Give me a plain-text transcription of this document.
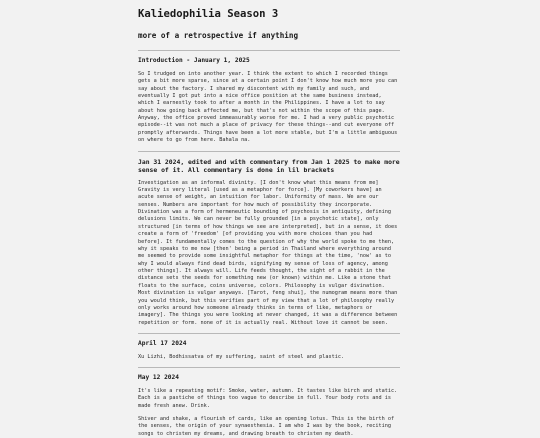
Kaliedophilia Season 3
more of a retrospective if anything
Introduction - January 1, 2025

So I trudged on into another year. I think the extent to which I recorded things gets a bit more sparse, since at a certain point I don't know how much more you can say about the factory. I shared my discontent with my family and such, and eventually I got put into a nice office position at the same business instead, which I earnestly took to after a month in the Philippines. I have a lot to say about how going back affected me, but that's not within the scope of this page. Anyway, the office proved immeasurably worse for me. I had a very public psychotic episode--it was not much a place of privacy for these things--and cut everyone off promptly afterwards. Things have been a lot more stable, but I'm a little ambiguous on where to go from here. Bahala na.

Jan 31 2024, edited and with commentary from Jan 1 2025 to make more sense of it. All commentary is done in lil brackets

Investigation as an informal divinity. [I don't know what this means from me] Gravity is very literal [used as a metaphor for force]. [My coworkers have] an acute sense of weight, an intuition for labor. Uniformity of mass. We are our senses. Numbers are important for how much of possibility they incorporate. Divination was a form of hermeneutic bounding of psychosis in antiquity, defining delusions limits. We can never be fully grounded [in a psychotic state], only structured [in terms of how things we see are interpreted], but in a sense, it does create a form of 'freedom' [of providing you with more choices than you had before]. It fundamentally comes to the question of why the world spoke to me then, why it speaks to me now [then' being a period in Thailand where everything around me seemed to provide some insightful metaphor for things at the time, 'now' as to why I would always find dead birds, signifying my sense of loss of agency, among other things]. It always will. Life feeds thought, the sight of a rabbit in the distance sets the seeds for something new (or known) within me. Like a stone that floats to the surface, coins universe, colors. Philosophy is vulgar divination. Most divination is vulgar anyways. [Tarot, feng shui], the numogram means more than you would think, but this verifies part of my view that a lot of philosophy really only works around how someone already thinks in terms of like, metaphors or imagery]. The things you were looking at never changed, it was a difference between repetition or form. none of it is actually real. Without love it cannot be seen.

April 17 2024

Xu Lizhi, Bodhissatva of my suffering, saint of steel and plastic.

May 12 2024

It's like a repeating motif: Smoke, water, autumn. It tastes like birch and static. Each is a pastiche of things too vague to describe in full. Your body rots and is made fresh anew. Drink.

Shiver and shake, a flourish of cards, like an opening lotus. This is the birth of the senses, the origin of your synaesthesia. I am who I was by the book, reciting songs to christen my dreams, and drawing breath to christen my death.
